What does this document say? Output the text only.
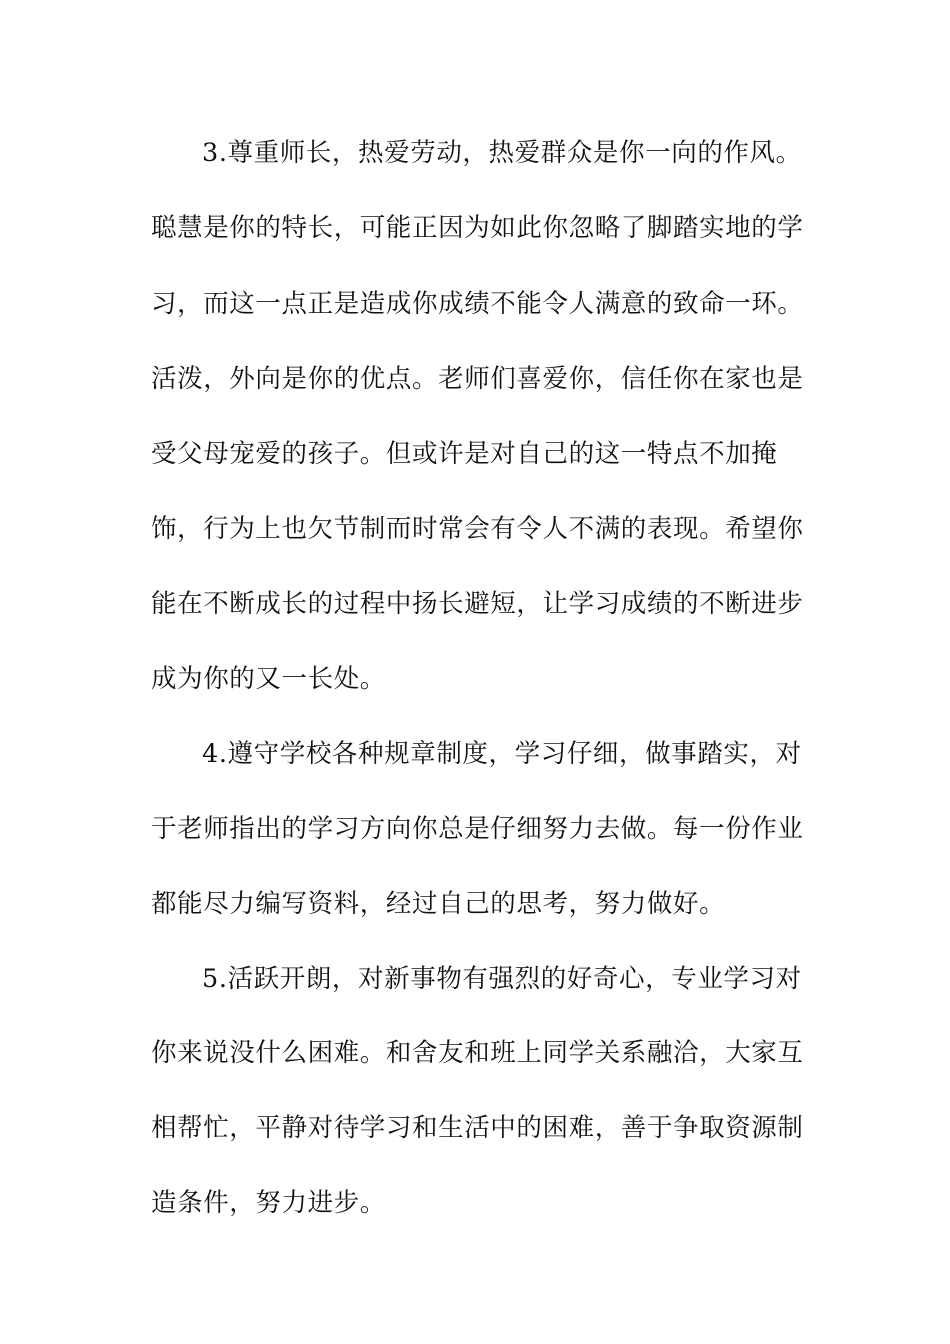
3.尊重师长，热爱劳动，热爱群众是你一向的作风。
聪慧是你的特长，可能正因为如此你忽略了脚踏实地的学
习，而这一点正是造成你成绩不能令人满意的致命一环。
活泼，外向是你的优点。老师们喜爱你，信任你在家也是
受父母宠爱的孩子。但或许是对自己的这一特点不加掩
饰，行为上也欠节制而时常会有令人不满的表现。希望你
能在不断成长的过程中扬长避短，让学习成绩的不断进步
成为你的又一长处。
4.遵守学校各种规章制度，学习仔细，做事踏实，对
于老师指出的学习方向你总是仔细努力去做。每一份作业
都能尽力编写资料，经过自己的思考，努力做好。
5.活跃开朗，对新事物有强烈的好奇心，专业学习对
你来说没什么困难。和舍友和班上同学关系融洽，大家互
相帮忙，平静对待学习和生活中的困难，善于争取资源制
造条件，努力进步。
